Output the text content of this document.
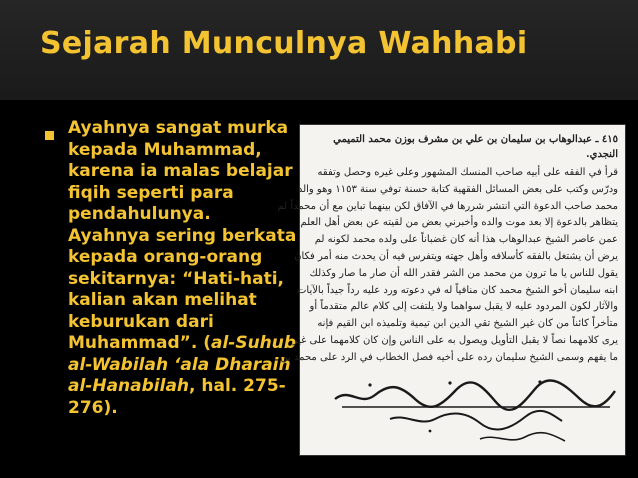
Sejarah Munculnya Wahhabi

Ayahnya sangat murka
kepada Muhammad,
karena ia malas belajar
fiqih seperti para
pendahulunya.
Ayahnya sering berkata
kepada orang-orang
sekitarnya: “Hati-hati,
kalian akan melihat
keburukan dari
Muhammad”. (al-Suhub
al-Wabilah ‘ala Dharaih
al-Hanabilah, hal. 275-
276).

٤١٥ ـ عبدالوهاب بن سليمان بن علي بن مشرف بوزن محمد التميمي
النجدي.
قرأ في الفقه على أبيه صاحب المنسك المشهور وعلى غيره وحصل وتفقه
ودرّس وكتب على بعض المسائل الفقهية كتابة حسنة توفي سنة ١١٥٣ وهو والد
محمد صاحب الدعوة التي انتشر شررها في الآفاق لكن بينهما تباين مع أن محمداً لم
يتظاهر بالدعوة إلا بعد موت والده وأخبرني بعض من لقيته عن بعض أهل العلم
عمن عاصر الشيخ عبدالوهاب هذا أنه كان غضباناً على ولده محمد لكونه لم
يرض أن يشتغل بالفقه كأسلافه وأهل جهته ويتفرس فيه أن يحدث منه أمر فكان
يقول للناس يا ما ترون من محمد من الشر فقدر الله أن صار ما صار وكذلك
ابنه سليمان أخو الشيخ محمد كان منافياً له في دعوته ورد عليه رداً جيداً بالآيات
والآثار لكون المردود عليه لا يقبل سواهما ولا يلتفت إلى كلام عالم متقدماً أو
متأخراً كائناً من كان غير الشيخ تقي الدين ابن تيمية وتلميذه ابن القيم فإنه
يرى كلامهما نصاً لا يقبل التأويل ويصول به على الناس وإن كان كلامهما على غير
ما يفهم وسمى الشيخ سليمان رده على أخيه فصل الخطاب في الرد على محمد بن
